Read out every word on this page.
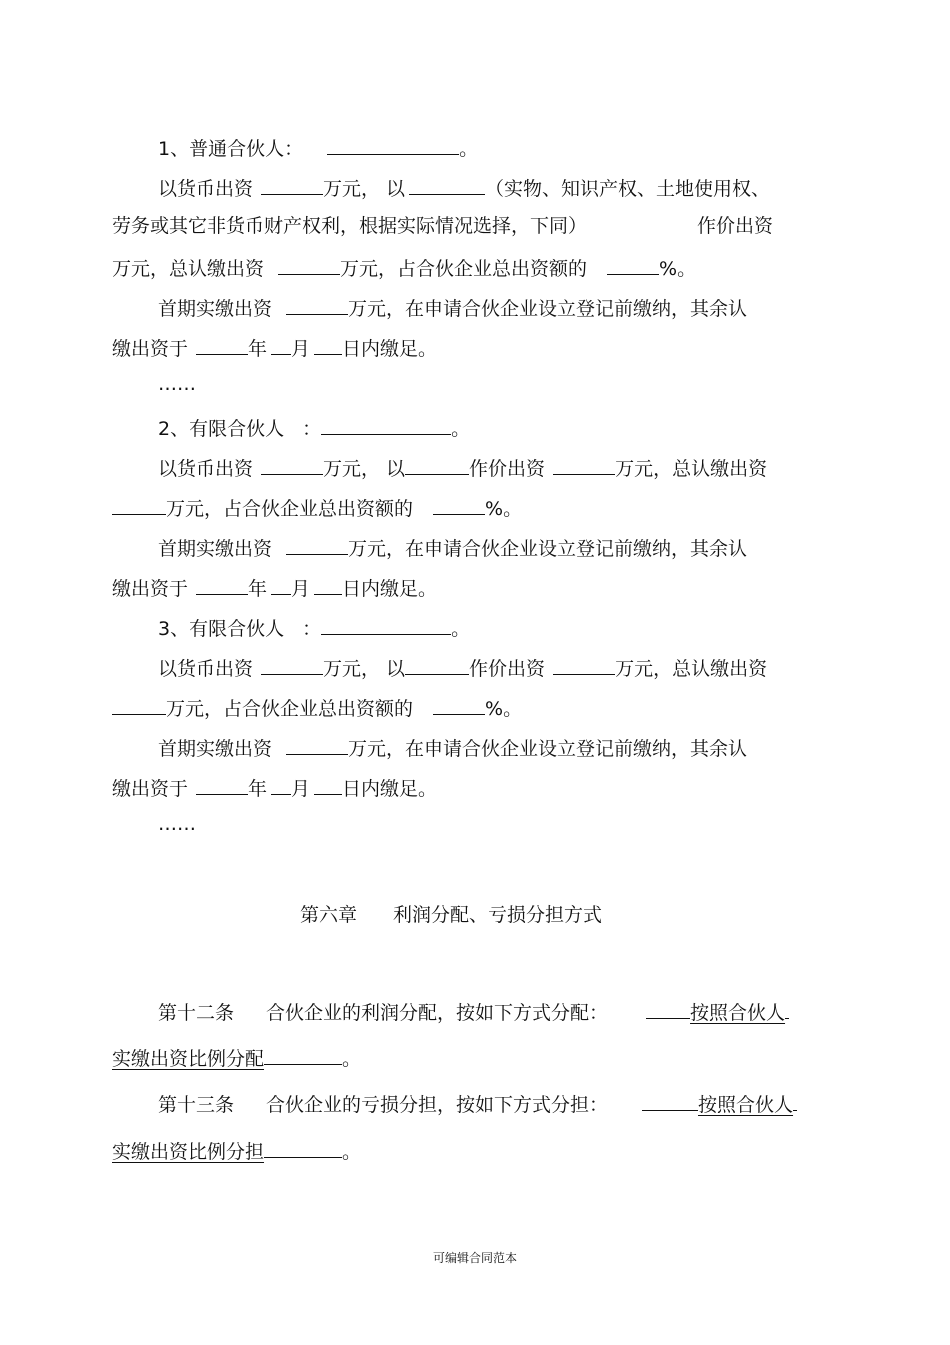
1、普通合伙人：	。
以货币出资	万元， 以	（实物、知识产权、土地使用权、
劳务或其它非货币财产权利，根据实际情况选择，下同）	作价出资
万元，总认缴出资	万元，占合伙企业总出资额的	%。
首期实缴出资	万元，在申请合伙企业设立登记前缴纳，其余认
缴出资于	年 月 日内缴足。
……
2、有限合伙人 ：	。
以货币出资	万元， 以	作价出资	万元，总认缴出资
万元，占合伙企业总出资额的	%。
首期实缴出资	万元，在申请合伙企业设立登记前缴纳，其余认
缴出资于	年 月 日内缴足。
3、有限合伙人 ：	。
以货币出资	万元， 以	作价出资	万元，总认缴出资
万元，占合伙企业总出资额的	%。
首期实缴出资	万元，在申请合伙企业设立登记前缴纳，其余认
缴出资于	年 月 日内缴足。
……
第六章 利润分配、亏损分担方式
第十二条 合伙企业的利润分配，按如下方式分配：	按照合伙人
实缴出资比例分配	。
第十三条 合伙企业的亏损分担，按如下方式分担：	按照合伙人
实缴出资比例分担	。
可编辑合同范本
